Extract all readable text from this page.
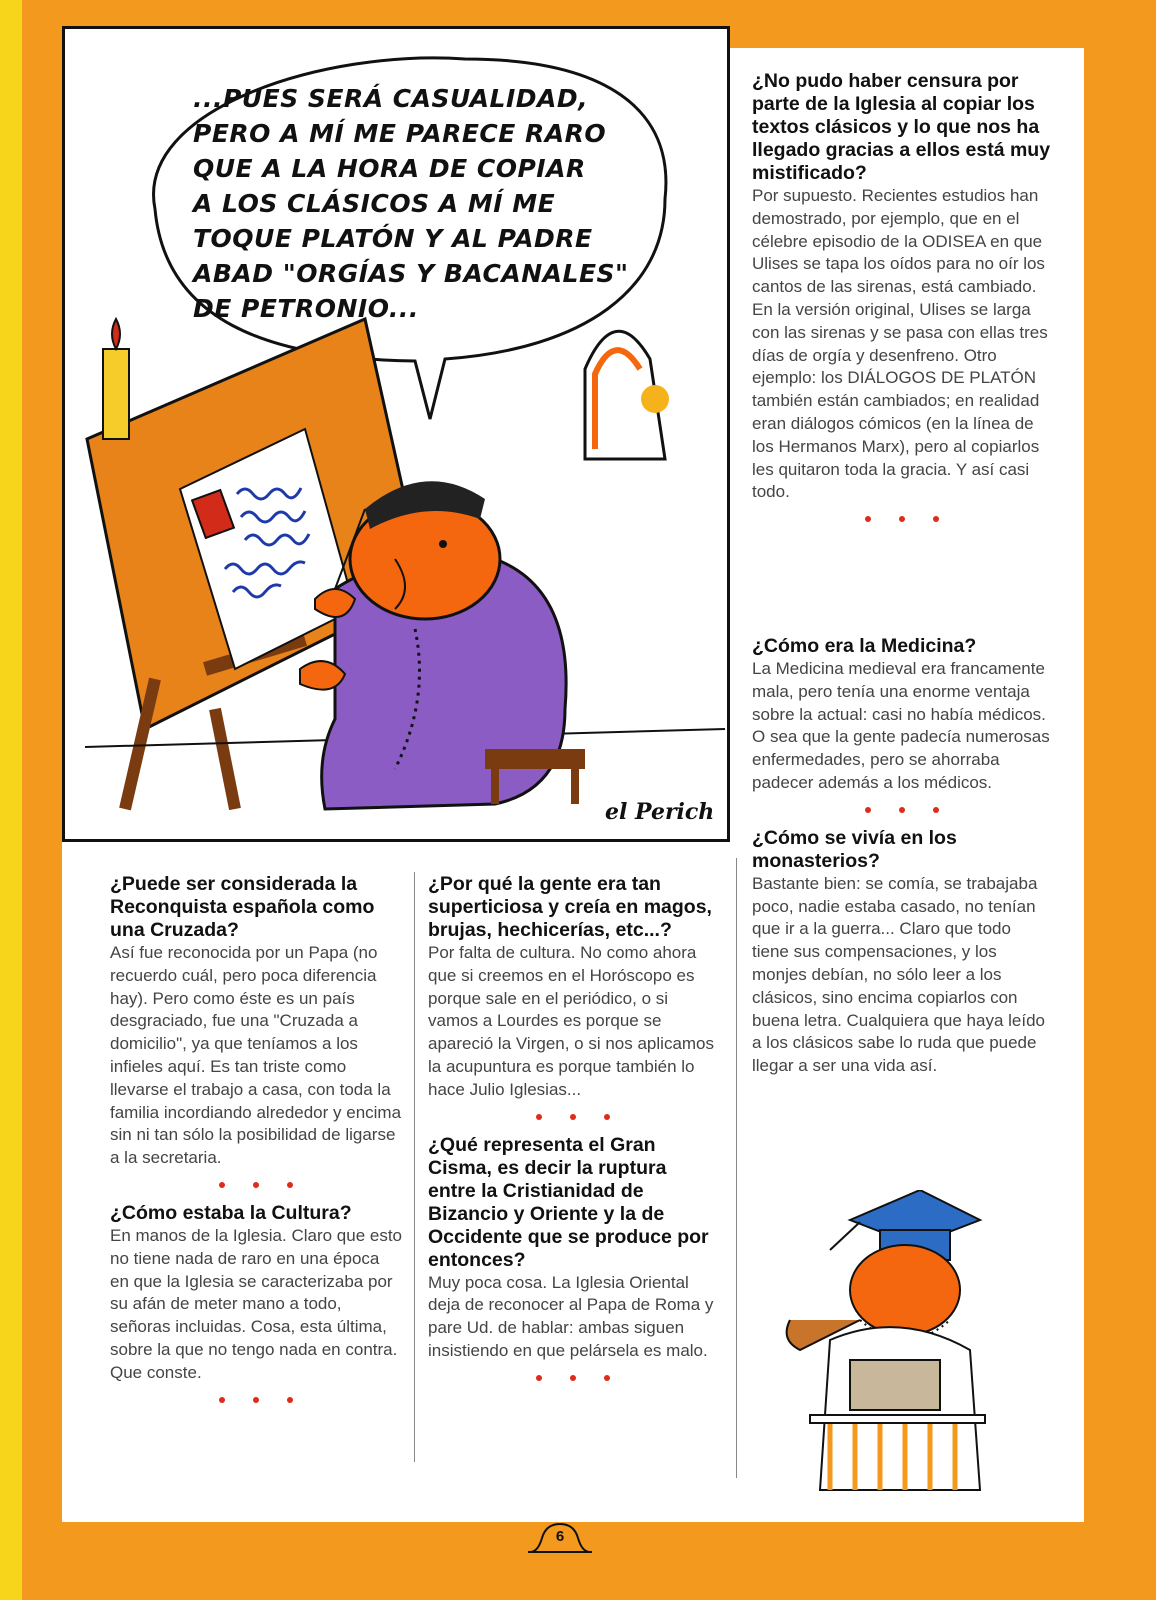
...PUES SERÁ CASUALIDAD,
PERO A MÍ ME PARECE RARO
QUE A LA HORA DE COPIAR
A LOS CLÁSICOS A MÍ ME
TOQUE PLATÓN Y AL PADRE
ABAD "ORGÍAS Y BACANALES"
DE PETRONIO...
el Perich
¿No pudo haber censura por parte de la Iglesia al copiar los textos clásicos y lo que nos ha llegado gracias a ellos está muy mistificado?

Por supuesto. Recientes estudios han demostrado, por ejemplo, que en el célebre episodio de la ODISEA en que Ulises se tapa los oídos para no oír los cantos de las sirenas, está cambiado. En la versión original, Ulises se larga con las sirenas y se pasa con ellas tres días de orgía y desenfreno. Otro ejemplo: los DIÁLOGOS DE PLATÓN también están cambiados; en realidad eran diálogos cómicos (en la línea de los Hermanos Marx), pero al copiarlos les quitaron toda la gracia. Y así casi todo.

¿Cómo era la Medicina?

La Medicina medieval era francamente mala, pero tenía una enorme ventaja sobre la actual: casi no había médicos. O sea que la gente padecía numerosas enfermedades, pero se ahorraba padecer además a los médicos.

¿Cómo se vivía en los monasterios?

Bastante bien: se comía, se trabajaba poco, nadie estaba casado, no tenían que ir a la guerra... Claro que todo tiene sus compensaciones, y los monjes debían, no sólo leer a los clásicos, sino encima copiarlos con buena letra. Cualquiera que haya leído a los clásicos sabe lo ruda que puede llegar a ser una vida así.

¿Puede ser considerada la Reconquista española como una Cruzada?

Así fue reconocida por un Papa (no recuerdo cuál, pero poca diferencia hay). Pero como éste es un país desgraciado, fue una "Cruzada a domicilio", ya que teníamos a los infieles aquí. Es tan triste como llevarse el trabajo a casa, con toda la familia incordiando alrededor y encima sin ni tan sólo la posibilidad de ligarse a la secretaria.

¿Cómo estaba la Cultura?

En manos de la Iglesia. Claro que esto no tiene nada de raro en una época en que la Iglesia se caracterizaba por su afán de meter mano a todo, señoras incluidas. Cosa, esta última, sobre la que no tengo nada en contra. Que conste.

¿Por qué la gente era tan superticiosa y creía en magos, brujas, hechicerías, etc...?

Por falta de cultura. No como ahora que si creemos en el Horóscopo es porque sale en el periódico, o si vamos a Lourdes es porque se apareció la Virgen, o si nos aplicamos la acupuntura es porque también lo hace Julio Iglesias...

¿Qué representa el Gran Cisma, es decir la ruptura entre la Cristianidad de Bizancio y Oriente y la de Occidente que se produce por entonces?

Muy poca cosa. La Iglesia Oriental deja de reconocer al Papa de Roma y pare Ud. de hablar: ambas siguen insistiendo en que pelársela es malo.

6
